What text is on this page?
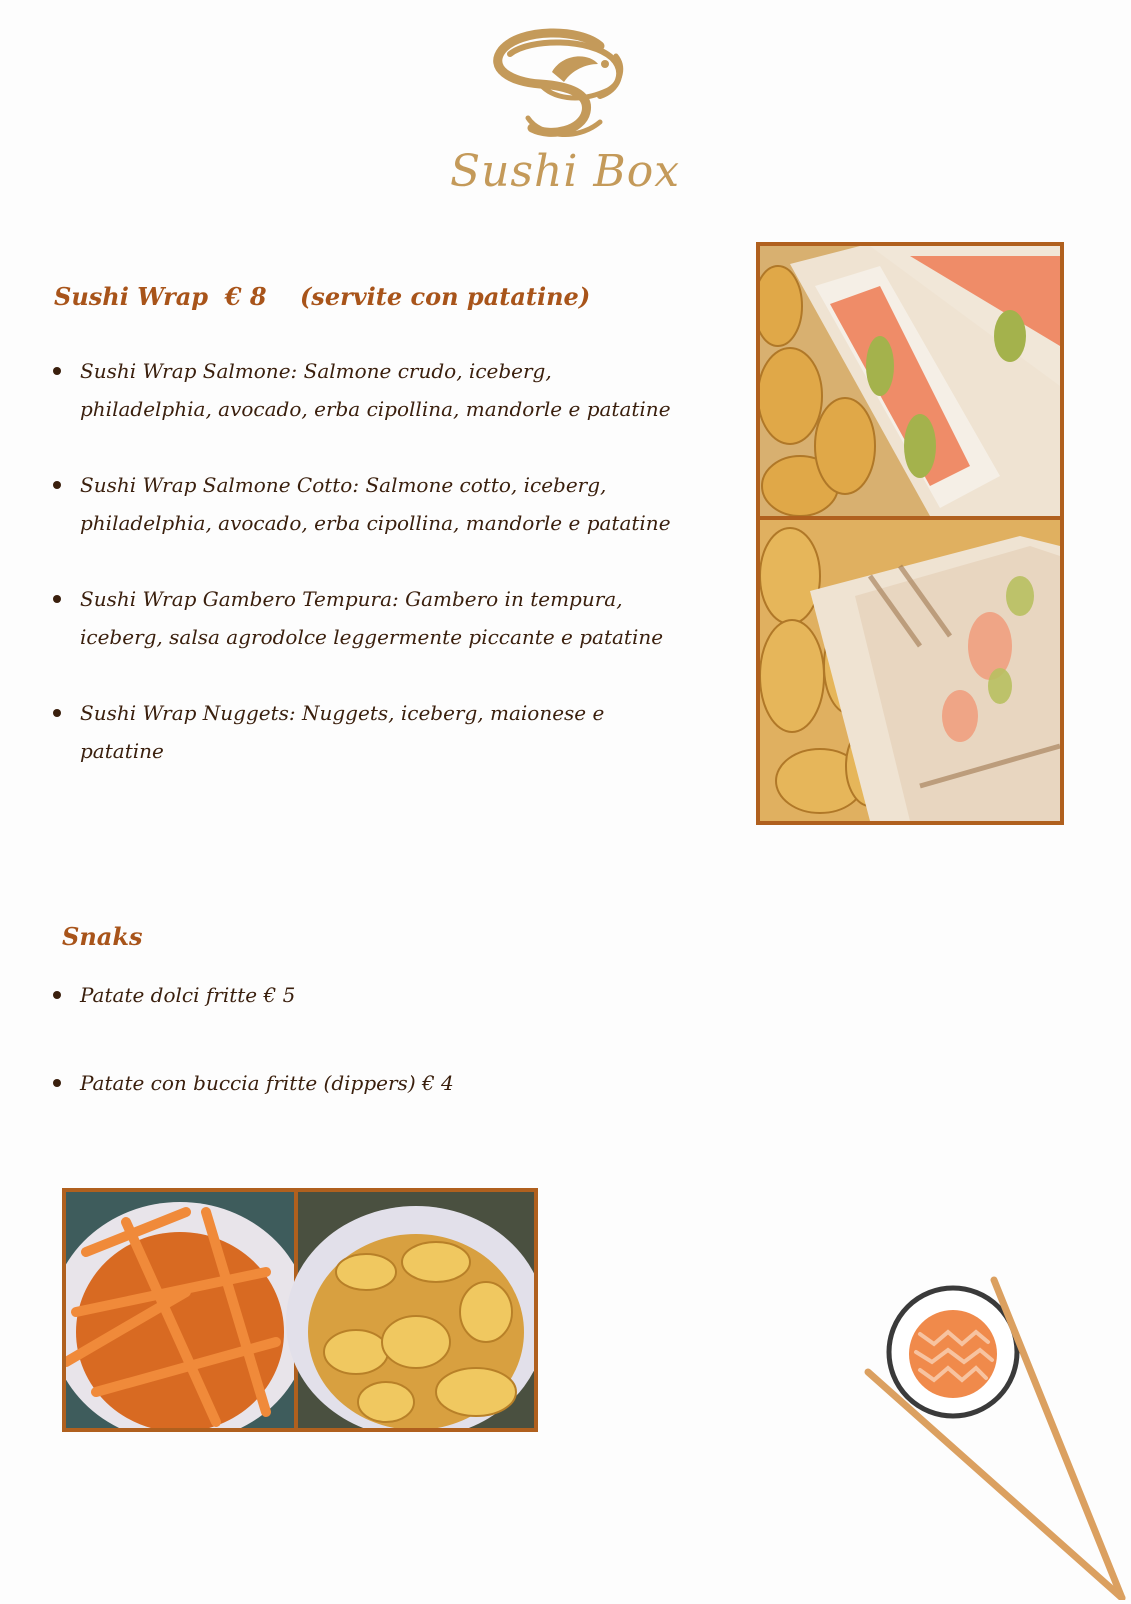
Sushi Box
Sushi Wrap  € 8    (servite con patatine)
Sushi Wrap Salmone: Salmone crudo, iceberg, philadelphia, avocado, erba cipollina, mandorle e patatine
Sushi Wrap Salmone Cotto: Salmone cotto, iceberg, philadelphia, avocado, erba cipollina, mandorle e patatine
Sushi Wrap Gambero Tempura: Gambero in tempura, iceberg, salsa agrodolce leggermente piccante e patatine
Sushi Wrap Nuggets: Nuggets, iceberg, maionese e patatine
Snaks
Patate dolci fritte € 5
Patate con buccia fritte (dippers) € 4
